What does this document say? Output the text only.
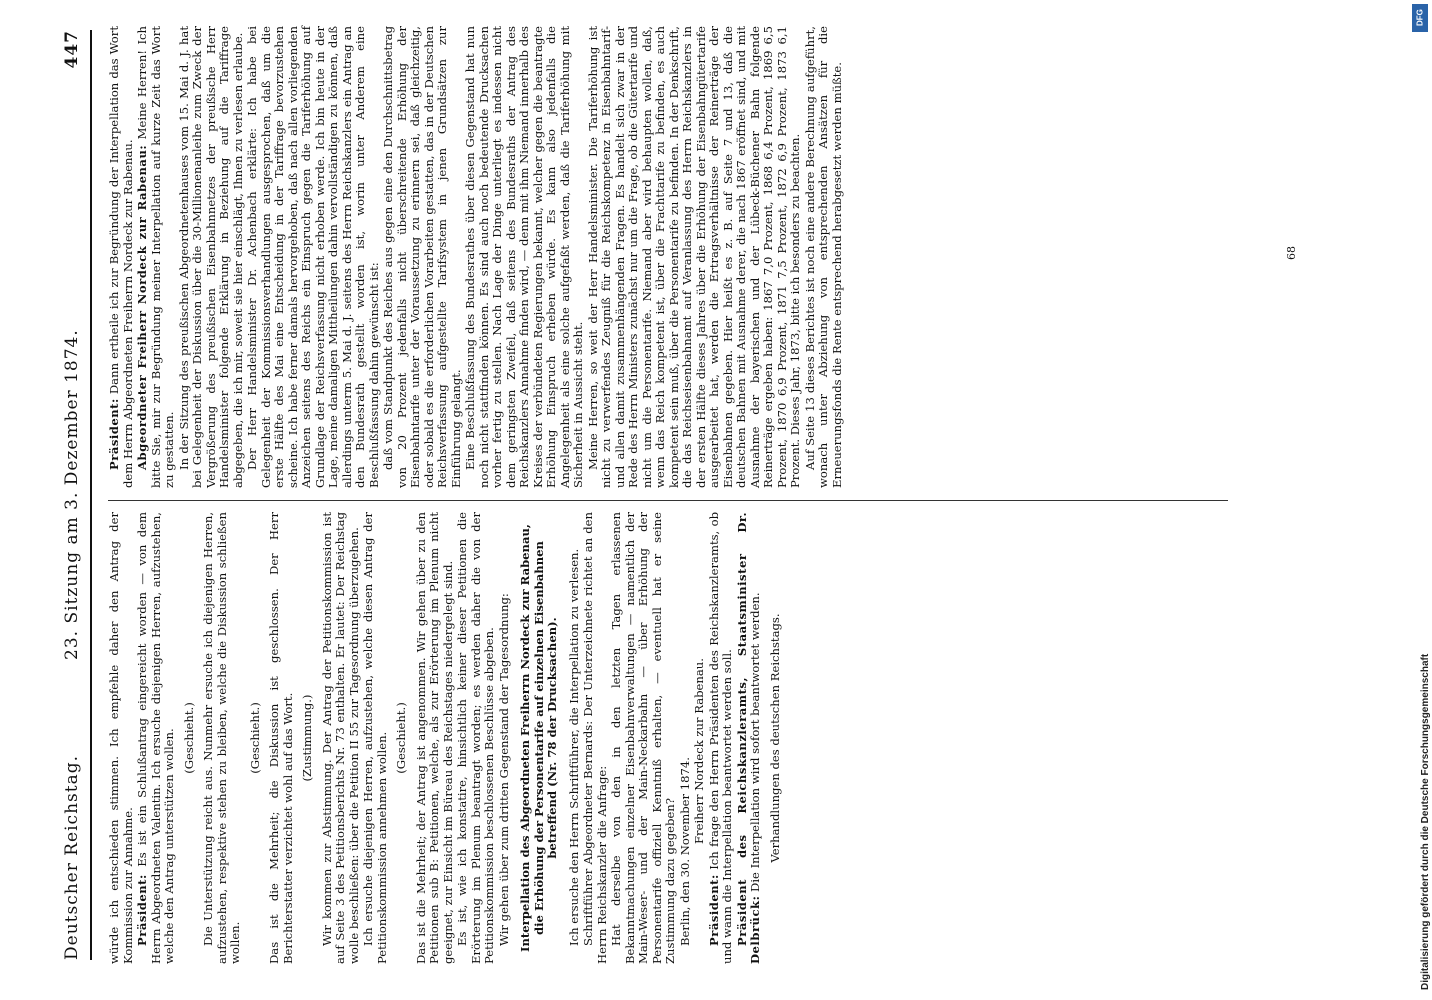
Deutscher Reichstag.
23. Sitzung am 3. Dezember 1874.
447

würde ich entschieden stimmen. Ich empfehle daher den Antrag der Kommission zur Annahme. Präsident: Es ist ein Schlußantrag eingereicht worden — von dem Herrn Abgeordneten Valentin. Ich ersuche diejenigen Herren, aufzustehen, welche den Antrag unterstützen wollen. (Geschieht.) Die Unterstützung reicht aus. Nunmehr ersuche ich diejenigen Herren, aufzustehen, respektive stehen zu bleiben, welche die Diskussion schließen wollen.

(Geschieht.) Das ist die Mehrheit; die Diskussion ist geschlossen. Der Herr Berichterstatter verzichtet wohl auf das Wort. (Zustimmung.) Wir kommen zur Abstimmung. Der Antrag der Petitionskommission ist auf Seite 3 des Petitionsberichts Nr. 73 enthalten. Er lautet: Der Reichstag wolle beschließen: über die Petition II 55 zur Tagesordnung überzugehen. Ich ersuche diejenigen Herren, aufzustehen, welche diesen Antrag der Petitionskommission annehmen wollen. (Geschieht.) Das ist die Mehrheit; der Antrag ist angenommen. Wir gehen über zu den Petitionen sub B: Petitionen, welche, als zur Erörterung im Plenum nicht geeignet, zur Einsicht im Büreau des Reichstages niedergelegt sind. Es ist, wie ich konstatire, hinsichtlich keiner dieser Petitionen die Erörterung im Plenum beantragt worden; es werden daher die von der Petitionskommission beschlossenen Beschlüsse abgeben. Wir gehen über zum dritten Gegenstand der Tagesordnung: Interpellation des Abgeordneten Freiherrn Nordeck zur Rabenau, die Erhöhung der Personentarife auf einzelnen Eisenbahnen betreffend (Nr. 78 der Drucksachen). Ich ersuche den Herrn Schriftführer, die Interpellation zu verlesen. Schriftführer Abgeordneter Bernards: Der Unterzeichnete richtet an den Herrn Reichskanzler die Anfrage: Hat derselbe von den in den letzten Tagen erlassenen Bekanntmachungen einzelner Eisenbahnverwaltungen — namentlich der Main-Weser- und der Main-Neckarbahn — über Erhöhung der Personentarife offiziell Kenntniß erhalten, — eventuell hat er seine Zustimmung dazu gegeben? Berlin, den 30. November 1874.

Freiherr Nordeck zur Rabenau.

Präsident: Ich frage den Herrn Präsidenten des Reichskanzleramts, ob und wann die Interpellation beantwortet werden soll. Präsident des Reichskanzleramts, Staatsminister Dr. Delbrück: Die Interpellation wird sofort beantwortet werden. Verhandlungen des deutschen Reichstags.

Präsident: Dann ertheile ich zur Begründung der Interpellation das Wort dem Herrn Abgeordneten Freiherrn Nordeck zur Rabenau. Abgeordneter Freiherr Nordeck zur Rabenau: Meine Herren! Ich bitte Sie, mir zur Begründung meiner Interpellation auf kurze Zeit das Wort zu gestatten. In der Sitzung des preußischen Abgeordnetenhauses vom 15. Mai d. J. hat bei Gelegenheit der Diskussion über die 30-Millionenanleihe zum Zweck der Vergrößerung des preußischen Eisenbahnnetzes der preußische Herr Handelsminister folgende Erklärung in Beziehung auf die Tariffrage abgegeben, die ich mir, soweit sie hier einschlägt, Ihnen zu verlesen erlaube. Der Herr Handelsminister Dr. Achenbach erklärte: Ich habe bei Gelegenheit der Kommissionsverhandlungen ausgesprochen, daß um die erste Hälfte des Mai eine Entscheidung in der Tariffrage bevorzustehen scheine. Ich habe ferner damals hervorgehoben, daß nach allen vorliegenden Anzeichen seitens des Reichs ein Einspruch gegen die Tariferhöhung auf Grundlage der Reichsverfassung nicht erhoben werde. Ich bin heute in der Lage, meine damaligen Mittheilungen dahin vervollständigen zu können, daß allerdings unterm 5. Mai d. J. seitens des Herrn Reichskanzlers ein Antrag an den Bundesrath gestellt worden ist, worin unter Anderem eine Beschlußfassung dahin gewünscht ist: daß vom Standpunkt des Reiches aus gegen eine den Durchschnittsbetrag von 20 Prozent jedenfalls nicht überschreitende Erhöhung der Eisenbahntarife unter der Voraussetzung zu erinnern sei, daß gleichzeitig, oder sobald es die erforderlichen Vorarbeiten gestatten, das in der Deutschen Reichsverfassung aufgestellte Tarifsystem in jenen Grundsätzen zur Einführung gelangt. Eine Beschlußfassung des Bundesrathes über diesen Gegenstand hat nun noch nicht stattfinden können. Es sind auch noch bedeutende Drucksachen vorher fertig zu stellen. Nach Lage der Dinge unterliegt es indessen nicht dem geringsten Zweifel, daß seitens des Bundesraths der Antrag des Reichskanzlers Annahme finden wird, — denn mit ihm Niemand innerhalb des Kreises der verbündeten Regierungen bekannt, welcher gegen die beantragte Erhöhung Einspruch erheben würde. Es kann also jedenfalls die Angelegenheit als eine solche aufgefaßt werden, daß die Tariferhöhung mit Sicherheit in Aussicht steht. Meine Herren, so weit der Herr Handelsminister. Die Tariferhöhung ist nicht zu verwerfendes Zeugniß für die Reichskompetenz in Eisenbahntarif- und allen damit zusammenhängenden Fragen. Es handelt sich zwar in der Rede des Herrn Ministers zunächst nur um die Frage, ob die Gütertarife und nicht um die Personentarife. Niemand aber wird behaupten wollen, daß, wenn das Reich kompetent ist, über die Frachttarife zu befinden, es auch kompetent sein muß, über die Personentarife zu befinden. In der Denkschrift, die das Reichseisenbahnamt auf Veranlassung des Herrn Reichskanzlers in der ersten Hälfte dieses Jahres über die Erhöhung der Eisenbahngütertarife ausgearbeitet hat, werden die Ertragsverhältnisse der Reinerträge der Eisenbahnen gegeben. Hier heißt es z. B. auf Seite 7 und 13, daß die deutschen Bahnen mit Ausnahme derer, die nach 1867 eröffnet sind, und mit Ausnahme der bayerischen und der Lübeck-Büchener Bahn folgende Reinerträge ergeben haben: 1867 7,0 Prozent, 1868 6,4 Prozent, 1869 6,5 Prozent, 1870 6,9 Prozent, 1871 7,5 Prozent, 1872 6,9 Prozent, 1873 6,1 Prozent. Dieses Jahr, 1873, bitte ich besonders zu beachten. Auf Seite 13 dieses Berichtes ist noch eine andere Berechnung aufgeführt, wonach unter Abziehung von entsprechenden Ansätzen für die Erneuerungsfonds die Rente entsprechend herabgesetzt werden müßte.	68
DFG
Digitalisierung gefördert durch die Deutsche Forschungsgemeinschaft
